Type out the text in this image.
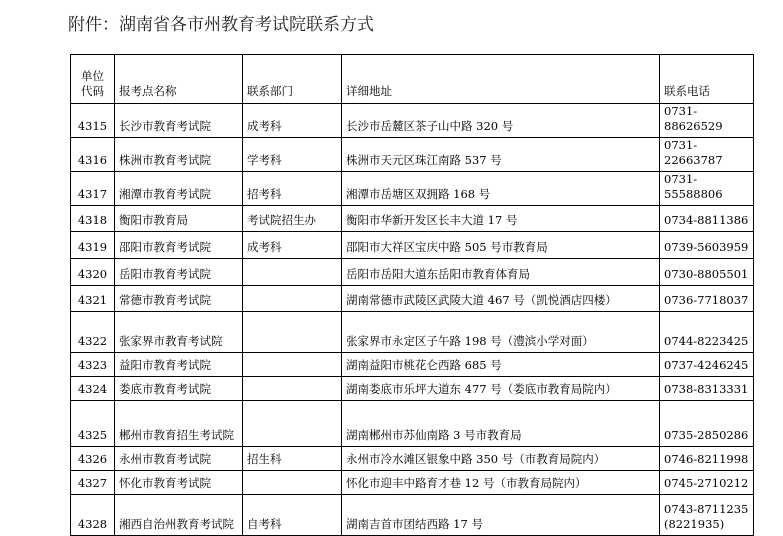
附件：湖南省各市州教育考试院联系方式
单位
代码	报考点名称	联系部门	详细地址	联系电话
4315	长沙市教育考试院	成考科	长沙市岳麓区茶子山中路 320 号	0731-88626529
4316	株洲市教育考试院	学考科	株洲市天元区珠江南路 537 号	0731-22663787
4317	湘潭市教育考试院	招考科	湘潭市岳塘区双拥路 168 号	0731-55588806
4318	衡阳市教育局	考试院招生办	衡阳市华新开发区长丰大道 17 号	0734-8811386
4319	邵阳市教育考试院	成考科	邵阳市大祥区宝庆中路 505 号市教育局	0739-5603959
4320	岳阳市教育考试院		岳阳市岳阳大道东岳阳市教育体育局	0730-8805501
4321	常德市教育考试院		湖南常德市武陵区武陵大道 467 号（凯悦酒店四楼）	0736-7718037
4322	张家界市教育考试院		张家界市永定区子午路 198 号（澧滨小学对面）	0744-8223425
4323	益阳市教育考试院		湖南益阳市桃花仑西路 685 号	0737-4246245
4324	娄底市教育考试院		湖南娄底市乐坪大道东 477 号（娄底市教育局院内）	0738-8313331
4325	郴州市教育招生考试院		湖南郴州市苏仙南路 3 号市教育局	0735-2850286
4326	永州市教育考试院	招生科	永州市冷水滩区银象中路 350 号（市教育局院内）	0746-8211998
4327	怀化市教育考试院		怀化市迎丰中路育才巷 12 号（市教育局院内）	0745-2710212
4328	湘西自治州教育考试院	自考科	湖南吉首市团结西路 17 号	0743-8711235
(8221935)
